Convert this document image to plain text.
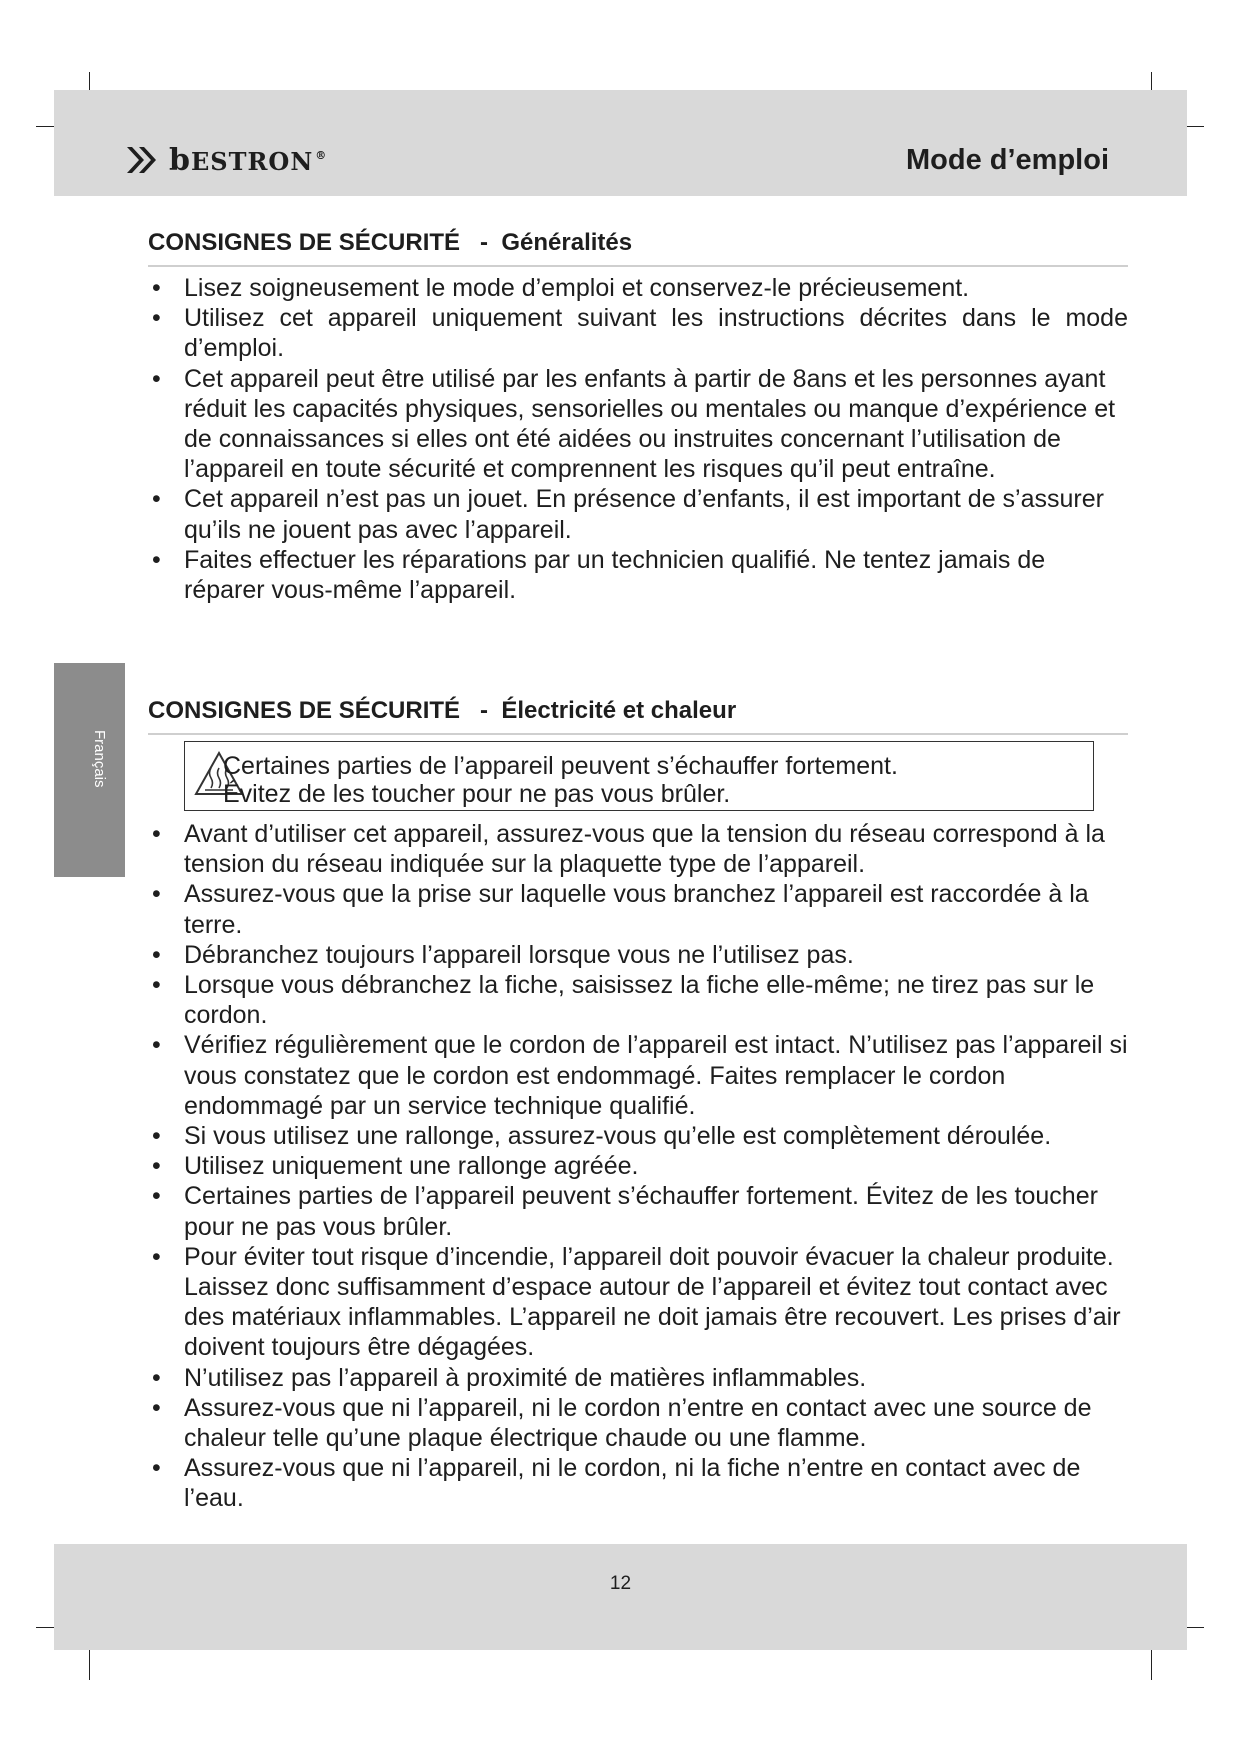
bESTRON ®	Mode d’emploi
Français
CONSIGNES DE SÉCURITÉ   -  Généralités
• Lisez soigneusement le mode d’emploi et conservez-le précieusement.
• Utilisez cet appareil uniquement suivant les instructions décrites dans le mode d’emploi.
• Cet appareil peut être utilisé par les enfants à partir de 8ans et les personnes ayant réduit les capacités physiques, sensorielles ou mentales ou manque d’expérience et de connaissances si elles ont été aidées ou instruites concernant l’utilisation de l’appareil en toute sécurité et comprennent les risques qu’il peut entraîne.
• Cet appareil n’est pas un jouet. En présence d’enfants, il est important de s’assurer qu’ils ne jouent pas avec l’appareil.
• Faites effectuer les réparations par un technicien qualifié. Ne tentez jamais de réparer vous-même l’appareil.
CONSIGNES DE SÉCURITÉ   -  Électricité et chaleur
Certaines parties de l’appareil peuvent s’échauffer fortement.
Évitez de les toucher pour ne pas vous brûler.
• Avant d’utiliser cet appareil, assurez-vous que la tension du réseau correspond à la tension du réseau indiquée sur la plaquette type de l’appareil.
• Assurez-vous que la prise sur laquelle vous branchez l’appareil est raccordée à la terre.
• Débranchez toujours l’appareil lorsque vous ne l’utilisez pas.
• Lorsque vous débranchez la fiche, saisissez la fiche elle-même; ne tirez pas sur le cordon.
• Vérifiez régulièrement que le cordon de l’appareil est intact. N’utilisez pas l’appareil si vous constatez que le cordon est endommagé. Faites remplacer le cordon endommagé par un service technique qualifié.
• Si vous utilisez une rallonge, assurez-vous qu’elle est complètement déroulée.
• Utilisez uniquement une rallonge agréée.
• Certaines parties de l’appareil peuvent s’échauffer fortement. Évitez de les toucher pour ne pas vous brûler.
• Pour éviter tout risque d’incendie, l’appareil doit pouvoir évacuer la chaleur produite. Laissez donc suffisamment d’espace autour de l’appareil et évitez tout contact avec des matériaux inflammables. L’appareil ne doit jamais être recouvert. Les prises d’air doivent toujours être dégagées.
• N’utilisez pas l’appareil à proximité de matières inflammables.
• Assurez-vous que ni l’appareil, ni le cordon n’entre en contact avec une source de chaleur telle qu’une plaque électrique chaude ou une flamme.
• Assurez-vous que ni l’appareil, ni le cordon, ni la fiche n’entre en contact avec de l’eau.
12
